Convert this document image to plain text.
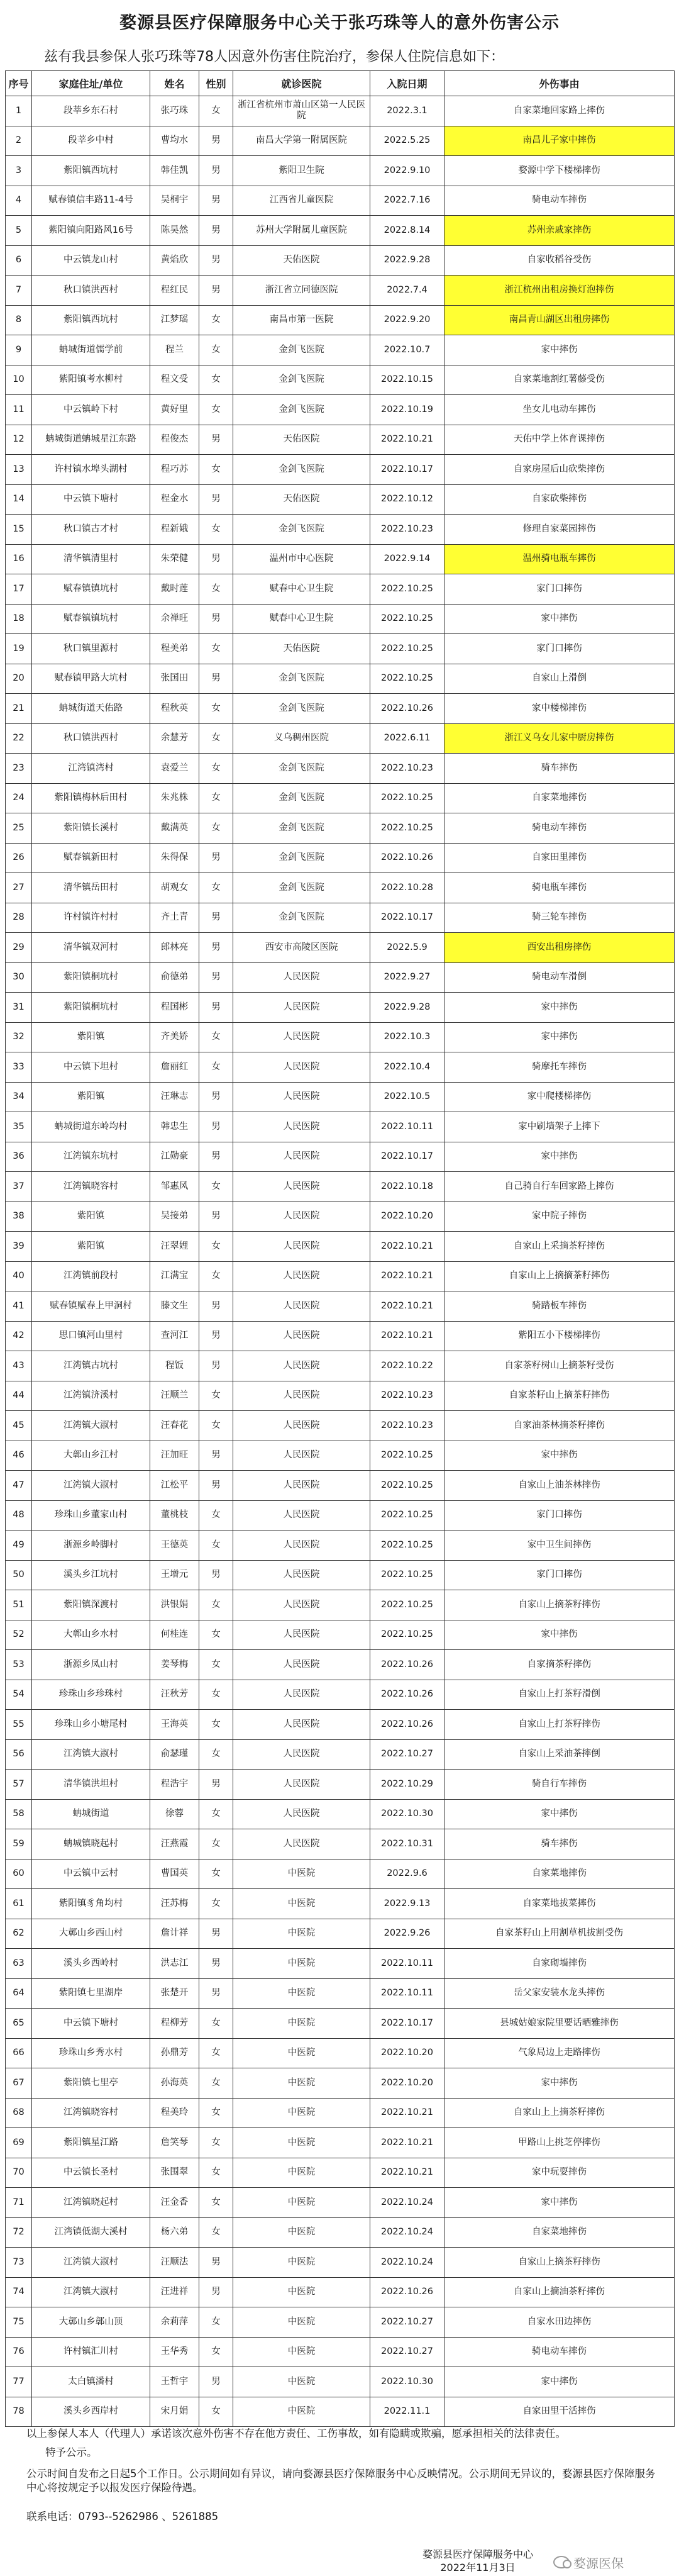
婺源县医疗保障服务中心关于张巧珠等人的意外伤害公示
兹有我县参保人张巧珠等78人因意外伤害住院治疗，参保人住院信息如下：
序号	家庭住址/单位	姓名	性别	就诊医院	入院日期	外伤事由
1	段莘乡东石村	张巧珠	女	浙江省杭州市萧山区第一人民医院	2022.3.1	自家菜地回家路上摔伤
2	段莘乡中村	曹均水	男	南昌大学第一附属医院	2022.5.25	南昌儿子家中摔伤
3	紫阳镇西坑村	韩佳凯	男	紫阳卫生院	2022.9.10	婺源中学下楼梯摔伤
4	赋春镇信丰路11-4号	吴桐宇	男	江西省儿童医院	2022.7.16	骑电动车摔伤
5	紫阳镇向阳路风16号	陈昊然	男	苏州大学附属儿童医院	2022.8.14	苏州亲戚家摔伤
6	中云镇龙山村	黄焰欣	男	天佑医院	2022.9.28	自家收稻谷受伤
7	秋口镇洪西村	程红民	男	浙江省立同德医院	2022.7.4	浙江杭州出租房换灯泡摔伤
8	紫阳镇西坑村	江梦瑶	女	南昌市第一医院	2022.9.20	南昌青山湖区出租房摔伤
9	蚺城街道儒学前	程兰	女	金剑飞医院	2022.10.7	家中摔伤
10	紫阳镇考水柳村	程文受	女	金剑飞医院	2022.10.15	自家菜地割红薯藤受伤
11	中云镇岭下村	黄好里	女	金剑飞医院	2022.10.19	坐女儿电动车摔伤
12	蚺城街道蚺城星江东路	程俊杰	男	天佑医院	2022.10.21	天佑中学上体育课摔伤
13	许村镇水埠头湖村	程巧苏	女	金剑飞医院	2022.10.17	自家房屋后山砍柴摔伤
14	中云镇下塘村	程金水	男	天佑医院	2022.10.12	自家砍柴摔伤
15	秋口镇古才村	程新娥	女	金剑飞医院	2022.10.23	修理自家菜园摔伤
16	清华镇清里村	朱荣健	男	温州市中心医院	2022.9.14	温州骑电瓶车摔伤
17	赋春镇镇坑村	戴时莲	女	赋春中心卫生院	2022.10.25	家门口摔伤
18	赋春镇镇坑村	余禅旺	男	赋春中心卫生院	2022.10.25	家中摔伤
19	秋口镇里源村	程美弟	女	天佑医院	2022.10.25	家门口摔伤
20	赋春镇甲路大坑村	张国田	男	金剑飞医院	2022.10.25	自家山上滑倒
21	蚺城街道天佑路	程秋英	女	金剑飞医院	2022.10.26	家中楼梯摔伤
22	秋口镇洪西村	余慧芳	女	义乌稠州医院	2022.6.11	浙江义乌女儿家中厨房摔伤
23	江湾镇湾村	袁爱兰	女	金剑飞医院	2022.10.23	骑车摔伤
24	紫阳镇梅林后田村	朱兆株	女	金剑飞医院	2022.10.25	自家菜地摔伤
25	紫阳镇长溪村	戴满英	女	金剑飞医院	2022.10.25	骑电动车摔伤
26	赋春镇新田村	朱得保	男	金剑飞医院	2022.10.26	自家田里摔伤
27	清华镇岳田村	胡观女	女	金剑飞医院	2022.10.28	骑电瓶车摔伤
28	许村镇许村村	齐土青	男	金剑飞医院	2022.10.17	骑三轮车摔伤
29	清华镇双河村	郎林亮	男	西安市高陵区医院	2022.5.9	西安出租房摔伤
30	紫阳镇桐坑村	俞德弟	男	人民医院	2022.9.27	骑电动车滑倒
31	紫阳镇桐坑村	程国彬	男	人民医院	2022.9.28	家中摔伤
32	紫阳镇	齐美娇	女	人民医院	2022.10.3	家中摔伤
33	中云镇下坦村	詹丽红	女	人民医院	2022.10.4	骑摩托车摔伤
34	紫阳镇	汪琳志	男	人民医院	2022.10.5	家中爬楼梯摔伤
35	蚺城街道东岭均村	韩忠生	男	人民医院	2022.10.11	家中刷墙架子上摔下
36	江湾镇东坑村	江勋豪	男	人民医院	2022.10.17	家中摔伤
37	江湾镇晓容村	邹惠风	女	人民医院	2022.10.18	自己骑自行车回家路上摔伤
38	紫阳镇	吴接弟	男	人民医院	2022.10.20	家中院子摔伤
39	紫阳镇	汪翠娌	女	人民医院	2022.10.21	自家山上采摘茶籽摔伤
40	江湾镇前段村	江满宝	女	人民医院	2022.10.21	自家山上上摘摘茶籽摔伤
41	赋春镇赋春上甲洞村	滕文生	男	人民医院	2022.10.21	骑踏板车摔伤
42	思口镇河山里村	查河江	男	人民医院	2022.10.21	紫阳五小下楼梯摔伤
43	江湾镇古坑村	程饭	男	人民医院	2022.10.22	自家茶籽树山上摘茶籽受伤
44	江湾镇济溪村	汪顺兰	女	人民医院	2022.10.23	自家茶籽山上摘茶籽摔伤
45	江湾镇大淑村	汪春花	女	人民医院	2022.10.23	自家油茶林摘茶籽摔伤
46	大鄣山乡江村	汪加旺	男	人民医院	2022.10.25	家中摔伤
47	江湾镇大淑村	江松平	男	人民医院	2022.10.25	自家山上油茶林摔伤
48	珍珠山乡董家山村	董桃枝	女	人民医院	2022.10.25	家门口摔伤
49	浙源乡岭脚村	王德英	女	人民医院	2022.10.25	家中卫生间摔伤
50	溪头乡江坑村	王增元	男	人民医院	2022.10.25	家门口摔伤
51	紫阳镇深渡村	洪银娟	女	人民医院	2022.10.25	自家山上摘茶籽摔伤
52	大鄣山乡水村	何桂连	女	人民医院	2022.10.25	家中摔伤
53	浙源乡凤山村	姜琴梅	女	人民医院	2022.10.26	自家摘茶籽摔伤
54	珍珠山乡珍珠村	汪秋芳	女	人民医院	2022.10.26	自家山上打茶籽滑倒
55	珍珠山乡小塘尾村	王海英	女	人民医院	2022.10.26	自家山上打茶籽摔伤
56	江湾镇大淑村	俞瑟瑾	女	人民医院	2022.10.27	自家山上采油茶摔倒
57	清华镇洪坦村	程浩宇	男	人民医院	2022.10.29	骑自行车摔伤
58	蚺城街道	徐蓉	女	人民医院	2022.10.30	家中摔伤
59	蚺城镇晓起村	汪燕霞	女	人民医院	2022.10.31	骑车摔伤
60	中云镇中云村	曹国英	女	中医院	2022.9.6	自家菜地摔伤
61	紫阳镇豸角均村	汪苏梅	女	中医院	2022.9.13	自家菜地拔菜摔伤
62	大鄣山乡西山村	詹计祥	男	中医院	2022.9.26	自家茶籽山上用割草机拔割受伤
63	溪头乡西岭村	洪志江	男	中医院	2022.10.11	自家砌墙摔伤
64	紫阳镇七里湖岸	张楚开	男	中医院	2022.10.11	岳父家安装水龙头摔伤
65	中云镇下塘村	程柳芳	女	中医院	2022.10.17	县城姑娘家院里要话晒雅摔伤
66	珍珠山乡秀水村	孙鼎芳	女	中医院	2022.10.20	气象局边上走路摔伤
67	紫阳镇七里亭	孙海英	女	中医院	2022.10.20	家中摔伤
68	江湾镇晓容村	程美玲	女	中医院	2022.10.21	自家山上上摘茶籽摔伤
69	紫阳镇星江路	詹笑琴	女	中医院	2022.10.21	甲路山上挑芝停摔伤
70	中云镇长圣村	张围翠	女	中医院	2022.10.21	家中玩耍摔伤
71	江湾镇晓起村	汪金香	女	中医院	2022.10.24	家中摔伤
72	江湾镇低湖大溪村	杨六弟	女	中医院	2022.10.24	自家菜地摔伤
73	江湾镇大淑村	汪顺法	男	中医院	2022.10.24	自家山上摘茶籽摔伤
74	江湾镇大淑村	汪进祥	男	中医院	2022.10.26	自家山上摘油茶籽摔伤
75	大鄣山乡鄣山顶	余莉萍	女	中医院	2022.10.27	自家水田边摔伤
76	许村镇汇川村	王华秀	女	中医院	2022.10.27	骑电动车摔伤
77	太白镇潘村	王哲宇	男	中医院	2022.10.30	家中摔伤
78	溪头乡西岸村	宋月娟	女	中医院	2022.11.1	自家田里干活摔伤

以上参保人本人（代理人）承诺该次意外伤害不存在他方责任、工伤事故，如有隐瞒或欺骗，愿承担相关的法律责任。

特予公示。

公示时间自发布之日起5个工作日。公示期间如有异议，请向婺源县医疗保障服务中心反映情况。公示期间无异议的，婺源县医疗保障服务中心将按规定予以报发医疗保险待遇。

联系电话：0793--5262986 、5261885

婺源县医疗保障服务中心
2022年11月3日	婺源医保
